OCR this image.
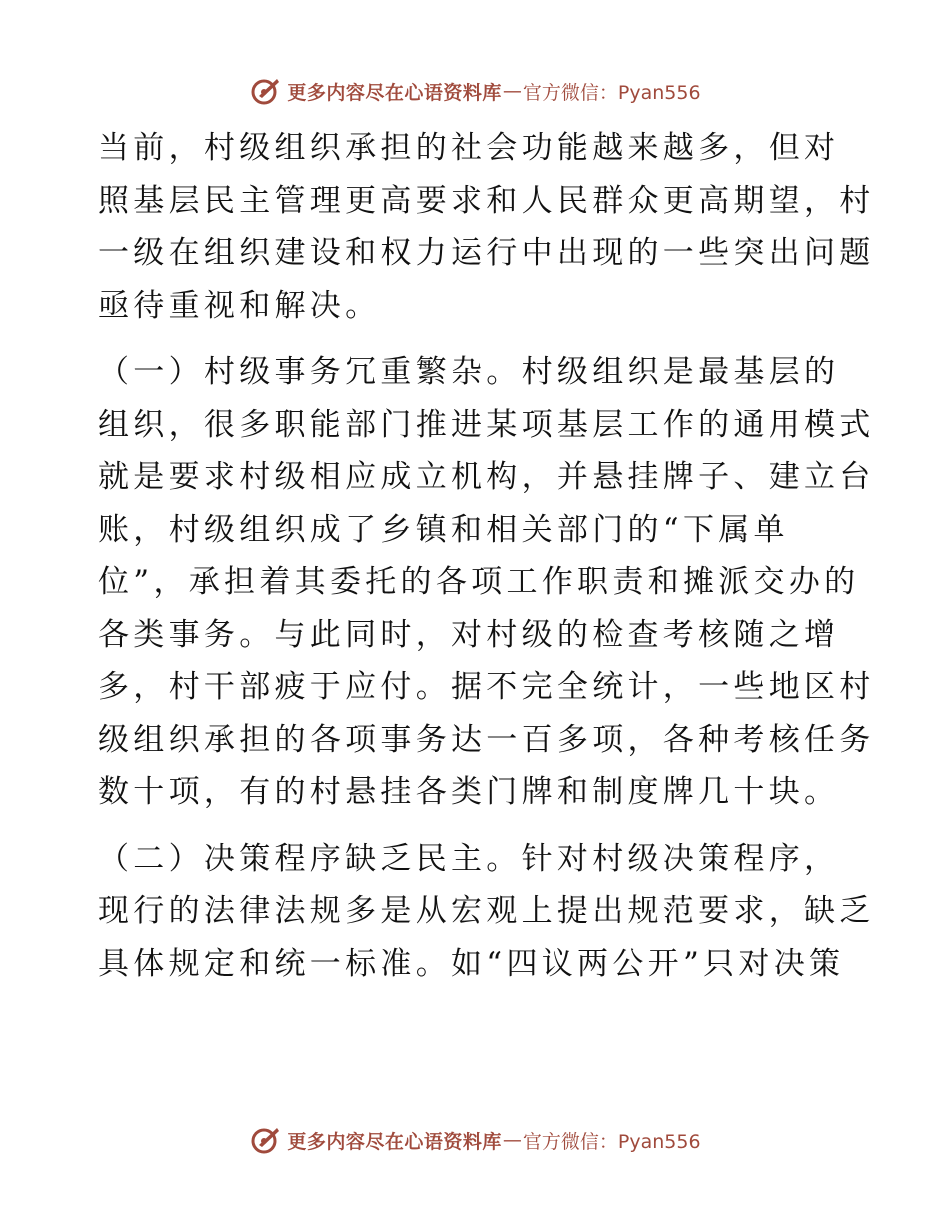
更多内容尽在心语资料库 — 官方微信：Pyan556

当前，村级组织承担的社会功能越来越多，但对
照基层民主管理更高要求和人民群众更高期望，村
一级在组织建设和权力运行中出现的一些突出问题
亟待重视和解决。

（一）村级事务冗重繁杂。村级组织是最基层的
组织，很多职能部门推进某项基层工作的通用模式
就是要求村级相应成立机构，并悬挂牌子、建立台
账，村级组织成了乡镇和相关部门的“下属单
位”，承担着其委托的各项工作职责和摊派交办的
各类事务。与此同时，对村级的检查考核随之增
多，村干部疲于应付。据不完全统计，一些地区村
级组织承担的各项事务达一百多项，各种考核任务
数十项，有的村悬挂各类门牌和制度牌几十块。

（二）决策程序缺乏民主。针对村级决策程序，
现行的法律法规多是从宏观上提出规范要求，缺乏
具体规定和统一标准。如“四议两公开”只对决策

更多内容尽在心语资料库 — 官方微信：Pyan556
